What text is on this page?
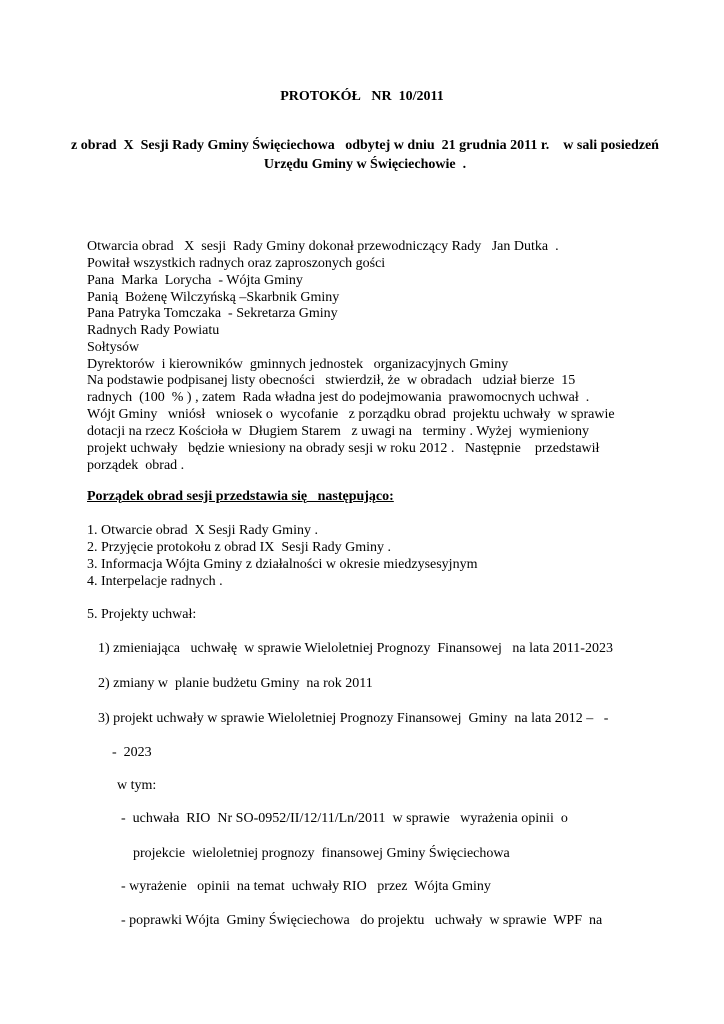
PROTOKÓŁ   NR  10/2011
z obrad  X  Sesji Rady Gminy Święciechowa   odbytej w dniu  21 grudnia 2011 r.    w sali posiedzeń    Urzędu Gminy w Święciechowie  .
Otwarcia obrad   X  sesji  Rady Gminy dokonał przewodniczący Rady   Jan Dutka  .
Powitał wszystkich radnych oraz zaproszonych gości
Pana  Marka  Lorycha  - Wójta Gminy
Panią  Bożenę Wilczyńską –Skarbnik Gminy
Pana Patryka Tomczaka  - Sekretarza Gminy
Radnych Rady Powiatu
Sołtysów
Dyrektorów  i kierowników  gminnych jednostek   organizacyjnych Gminy
Na podstawie podpisanej listy obecności   stwierdził, że  w obradach   udział bierze  15
radnych  (100  % ) , zatem  Rada władna jest do podejmowania  prawomocnych uchwał  .
Wójt Gminy   wniósł   wniosek o  wycofanie   z porządku obrad  projektu uchwały  w sprawie
dotacji na rzecz Kościoła w  Długiem Starem   z uwagi na   terminy . Wyżej  wymieniony
projekt uchwały   będzie wniesiony na obrady sesji w roku 2012 .   Następnie    przedstawił
porządek  obrad .
Porządek obrad sesji przedstawia się   następująco:
1. Otwarcie obrad  X Sesji Rady Gminy .
2. Przyjęcie protokołu z obrad IX  Sesji Rady Gminy .
3. Informacja Wójta Gminy z działalności w okresie miedzysesyjnym
4. Interpelacje radnych .
5. Projekty uchwał:
1) zmieniająca   uchwałę  w sprawie Wieloletniej Prognozy  Finansowej   na lata 2011-2023
2) zmiany w  planie budżetu Gminy  na rok 2011
3) projekt uchwały w sprawie Wieloletniej Prognozy Finansowej  Gminy  na lata 2012 –   -
-  2023
w tym:
-  uchwała  RIO  Nr SO-0952/II/12/11/Ln/2011  w sprawie   wyrażenia opinii  o
projekcie  wieloletniej prognozy  finansowej Gminy Święciechowa
- wyrażenie   opinii  na temat  uchwały RIO   przez  Wójta Gminy
- poprawki Wójta  Gminy Święciechowa   do projektu   uchwały  w sprawie  WPF  na
